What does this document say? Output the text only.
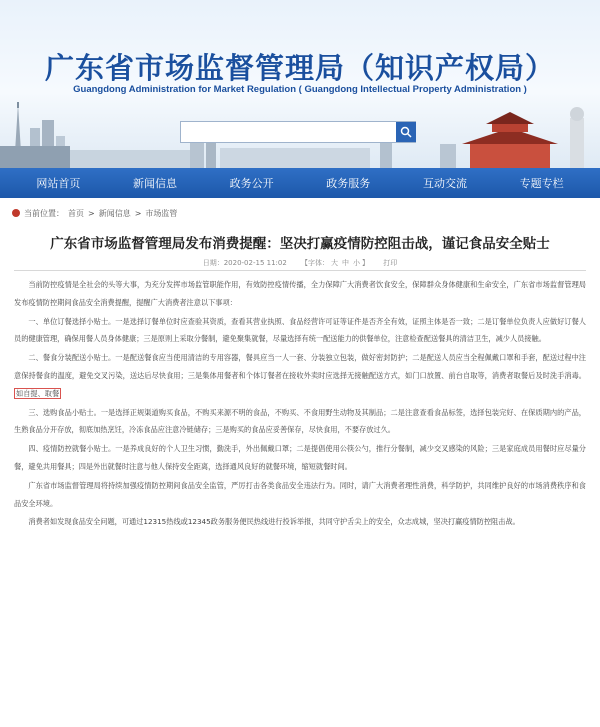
广东省市场监督管理局（知识产权局）
Guangdong Administration for Market Regulation ( Guangdong Intellectual Property Administration )
网站首页	新闻信息	政务公开	政务服务	互动交流	专题专栏
当前位置： 首页 > 新闻信息 > 市场监管
广东省市场监督管理局发布消费提醒：坚决打赢疫情防控阻击战，谨记食品安全贴士
日期：2020-02-15 11:02 【字体： 大 中 小 】 打印

当前防控疫情是全社会的头等大事，为充分发挥市场监管职能作用，有效防控疫情传播，全力保障广大消费者饮食安全，保障群众身体健康和生命安全，广东省市场监督管理局发布疫情防控期间食品安全消费提醒，提醒广大消费者注意以下事项：

一、单位订餐选择小贴士。一是选择订餐单位时应查验其资质，查看其营业执照、食品经营许可证等证件是否齐全有效，证照主体是否一致；二是订餐单位负责人应做好订餐人员的健康管理，确保用餐人员身体健康；三是原则上采取分餐制，避免聚集就餐，尽量选择有统一配送能力的供餐单位，注意检查配送餐具的清洁卫生，减少人员接触。

二、餐食分装配送小贴士。一是配送餐食应当使用清洁的专用容器，餐具应当一人一套、分装独立包装，做好密封防护；二是配送人员应当全程佩戴口罩和手套，配送过程中注意保持餐食的温度，避免交叉污染，送达后尽快食用；三是集体用餐者和个体订餐者在接收外卖时应选择无接触配送方式，如门口放置、前台自取等，消费者取餐后及时洗手消毒。 如自提、取餐

三、选购食品小贴士。一是选择正规渠道购买食品，不购买来源不明的食品，不购买、不食用野生动物及其制品；二是注意查看食品标签，选择包装完好、在保质期内的产品，生熟食品分开存放，彻底加热烹饪，冷冻食品应注意冷链储存；三是购买的食品应妥善保存，尽快食用，不要存放过久。

四、疫情防控就餐小贴士。一是养成良好的个人卫生习惯，勤洗手，外出佩戴口罩；二是提倡使用公筷公勺，推行分餐制，减少交叉感染的风险；三是家庭成员用餐时应尽量分餐，避免共用餐具；四是外出就餐时注意与他人保持安全距离，选择通风良好的就餐环境，缩短就餐时间。

广东省市场监督管理局将持续加强疫情防控期间食品安全监管，严厉打击各类食品安全违法行为。同时，请广大消费者理性消费，科学防护，共同维护良好的市场消费秩序和食品安全环境。

消费者如发现食品安全问题，可通过12315热线或12345政务服务便民热线进行投诉举报，共同守护舌尖上的安全，众志成城，坚决打赢疫情防控阻击战。
